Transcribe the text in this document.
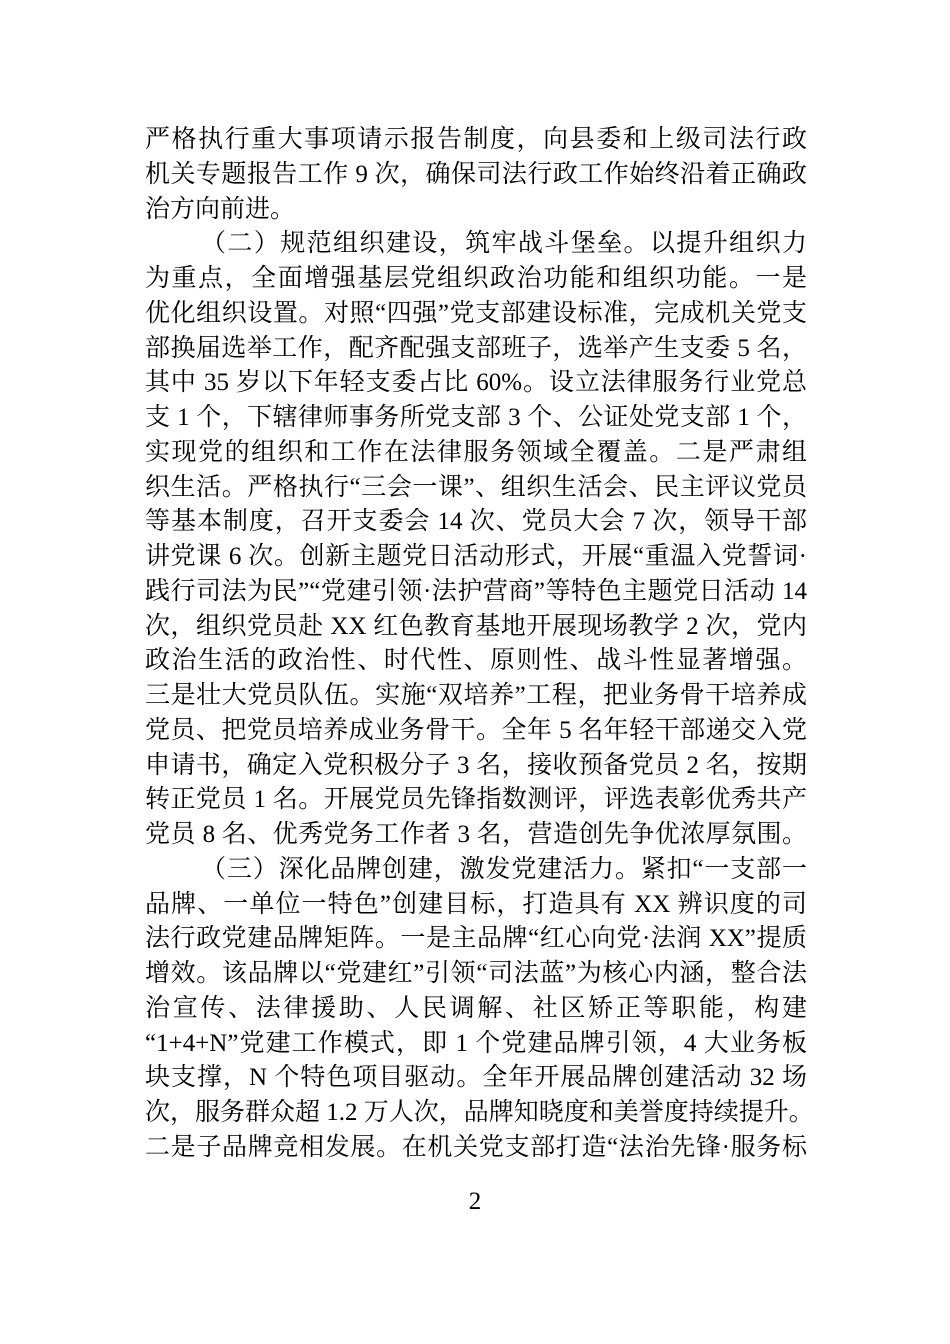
严格执行重大事项请示报告制度，向县委和上级司法行政
机关专题报告工作 9 次，确保司法行政工作始终沿着正确政
治方向前进。
（二）规范组织建设，筑牢战斗堡垒。以提升组织力
为重点，全面增强基层党组织政治功能和组织功能。一是
优化组织设置。对照“四强”党支部建设标准，完成机关党支
部换届选举工作，配齐配强支部班子，选举产生支委 5 名，
其中 35 岁以下年轻支委占比 60%。设立法律服务行业党总
支 1 个，下辖律师事务所党支部 3 个、公证处党支部 1 个，
实现党的组织和工作在法律服务领域全覆盖。二是严肃组
织生活。严格执行“三会一课”、组织生活会、民主评议党员
等基本制度，召开支委会 14 次、党员大会 7 次，领导干部
讲党课 6 次。创新主题党日活动形式，开展“重温入党誓词·
践行司法为民”“党建引领·法护营商”等特色主题党日活动 14
次，组织党员赴 XX 红色教育基地开展现场教学 2 次，党内
政治生活的政治性、时代性、原则性、战斗性显著增强。
三是壮大党员队伍。实施“双培养”工程，把业务骨干培养成
党员、把党员培养成业务骨干。全年 5 名年轻干部递交入党
申请书，确定入党积极分子 3 名，接收预备党员 2 名，按期
转正党员 1 名。开展党员先锋指数测评，评选表彰优秀共产
党员 8 名、优秀党务工作者 3 名，营造创先争优浓厚氛围。
（三）深化品牌创建，激发党建活力。紧扣“一支部一
品牌、一单位一特色”创建目标，打造具有 XX 辨识度的司
法行政党建品牌矩阵。一是主品牌“红心向党·法润 XX”提质
增效。该品牌以“党建红”引领“司法蓝”为核心内涵，整合法
治宣传、法律援助、人民调解、社区矫正等职能，构建
“1+4+N”党建工作模式，即 1 个党建品牌引领，4 大业务板
块支撑，N 个特色项目驱动。全年开展品牌创建活动 32 场
次，服务群众超 1.2 万人次，品牌知晓度和美誉度持续提升。
二是子品牌竞相发展。在机关党支部打造“法治先锋·服务标
2
